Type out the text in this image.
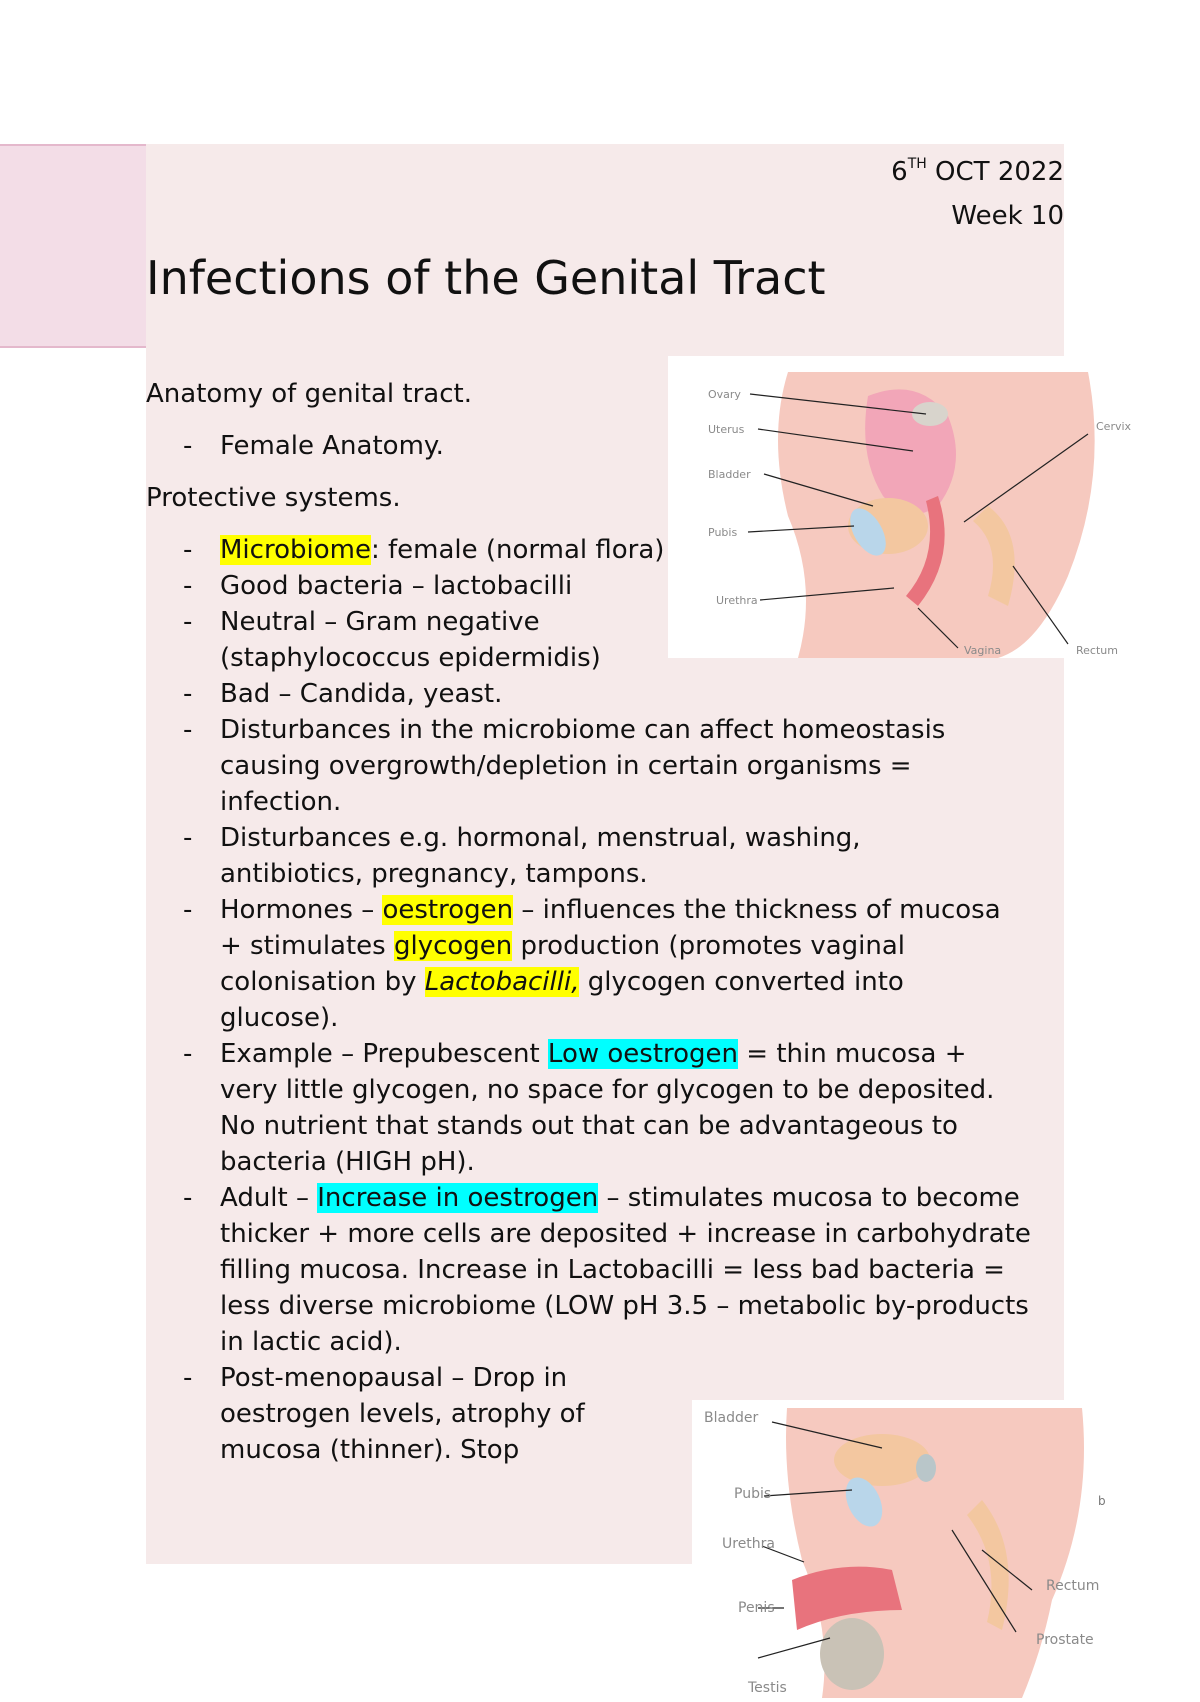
6TH OCT 2022
Week 10
Infections of the Genital Tract

Anatomy of genital tract.

- Female Anatomy.

Protective systems.

- Microbiome: female (normal flora)
- Good bacteria – lactobacilli
- Neutral – Gram negative (staphylococcus epidermidis)
- Bad – Candida, yeast.
- Disturbances in the microbiome can affect homeostasis causing overgrowth/depletion in certain organisms = infection.
- Disturbances e.g. hormonal, menstrual, washing, antibiotics, pregnancy, tampons.
- Hormones – oestrogen – influences the thickness of mucosa + stimulates glycogen production (promotes vaginal colonisation by Lactobacilli, glycogen converted into glucose).
- Example – Prepubescent Low oestrogen = thin mucosa + very little glycogen, no space for glycogen to be deposited. No nutrient that stands out that can be advantageous to bacteria (HIGH pH).
- Adult – Increase in oestrogen – stimulates mucosa to become thicker + more cells are deposited + increase in carbohydrate filling mucosa. Increase in Lactobacilli = less bad bacteria = less diverse microbiome (LOW pH 3.5 – metabolic by-products in lactic acid).
- Post-menopausal – Drop in oestrogen levels, atrophy of mucosa (thinner). Stop
Ovary
Uterus
Bladder
Pubis
Urethra
Vagina	Rectum
Cervix
Bladder
Pubis
Urethra
Penis
Testis
Rectum
Prostate
b
